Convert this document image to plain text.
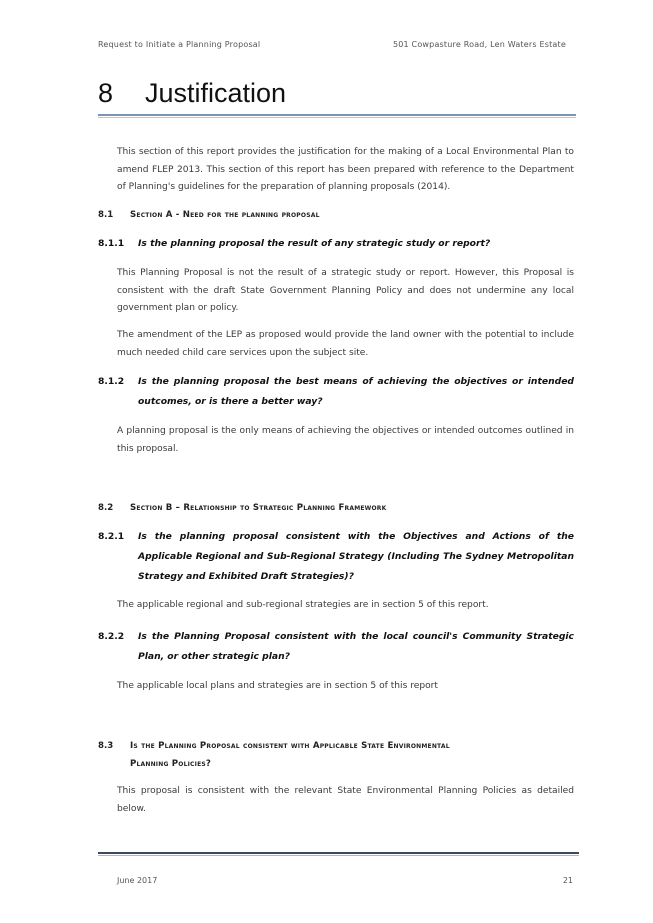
Request to Initiate a Planning Proposal	501 Cowpasture Road, Len Waters Estate
8 Justification
This section of this report provides the justification for the making of a Local Environmental Plan to amend FLEP 2013. This section of this report has been prepared with reference to the Department of Planning's guidelines for the preparation of planning proposals (2014).
8.1 Section A - Need for the planning proposal
8.1.1 Is the planning proposal the result of any strategic study or report?
This Planning Proposal is not the result of a strategic study or report. However, this Proposal is consistent with the draft State Government Planning Policy and does not undermine any local government plan or policy.
The amendment of the LEP as proposed would provide the land owner with the potential to include much needed child care services upon the subject site.
8.1.2 Is the planning proposal the best means of achieving the objectives or intended outcomes, or is there a better way?
A planning proposal is the only means of achieving the objectives or intended outcomes outlined in this proposal.
8.2 Section B – Relationship to Strategic Planning Framework
8.2.1 Is the planning proposal consistent with the Objectives and Actions of the Applicable Regional and Sub-Regional Strategy (Including The Sydney Metropolitan Strategy and Exhibited Draft Strategies)?
The applicable regional and sub-regional strategies are in section 5 of this report.
8.2.2 Is the Planning Proposal consistent with the local council's Community Strategic Plan, or other strategic plan?
The applicable local plans and strategies are in section 5 of this report
8.3 Is the Planning Proposal consistent with Applicable State Environmental
Planning Policies?
This proposal is consistent with the relevant State Environmental Planning Policies as detailed below.
June 2017	21
